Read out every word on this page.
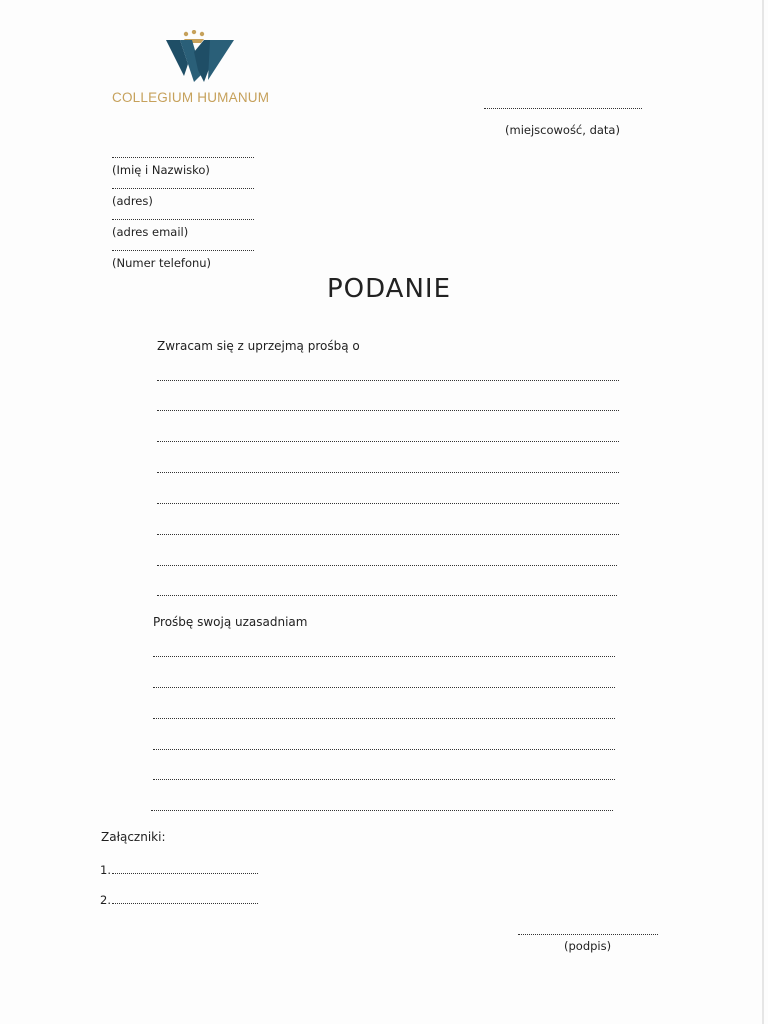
COLLEGIUM HUMANUM
(miejscowość, data)
(Imię i Nazwisko)
(adres)
(adres email)
(Numer telefonu)
PODANIE
Zwracam się z uprzejmą prośbą o
Prośbę swoją uzasadniam
Załączniki:
1.
2.
(podpis)
